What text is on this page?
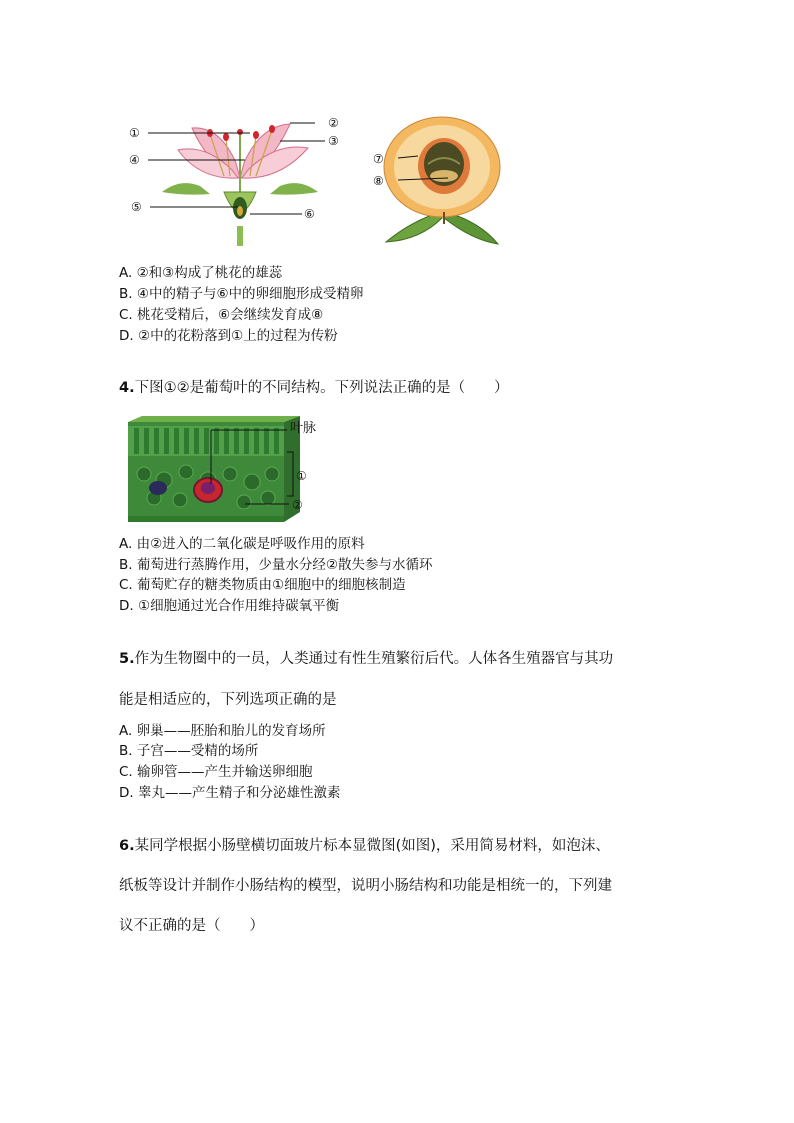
①
②
③
④
⑤	⑥
⑦
⑧
A. ②和③构成了桃花的雄蕊
B. ④中的精子与⑥中的卵细胞形成受精卵
C. 桃花受精后，⑥会继续发育成⑧
D. ②中的花粉落到①上的过程为传粉
4.下图①②是葡萄叶的不同结构。下列说法正确的是（　　）
叶脉
①
②
A. 由②进入的二氧化碳是呼吸作用的原料
B. 葡萄进行蒸腾作用，少量水分经②散失参与水循环
C. 葡萄贮存的糖类物质由①细胞中的细胞核制造
D. ①细胞通过光合作用维持碳氧平衡
5.作为生物圈中的一员，人类通过有性生殖繁衍后代。人体各生殖器官与其功
能是相适应的，下列选项正确的是
A. 卵巢——胚胎和胎儿的发育场所
B. 子宫——受精的场所
C. 输卵管——产生并输送卵细胞
D. 睾丸——产生精子和分泌雄性激素
6.某同学根据小肠壁横切面玻片标本显微图(如图)，采用简易材料，如泡沫、
纸板等设计并制作小肠结构的模型，说明小肠结构和功能是相统一的，下列建
议不正确的是（　　）
